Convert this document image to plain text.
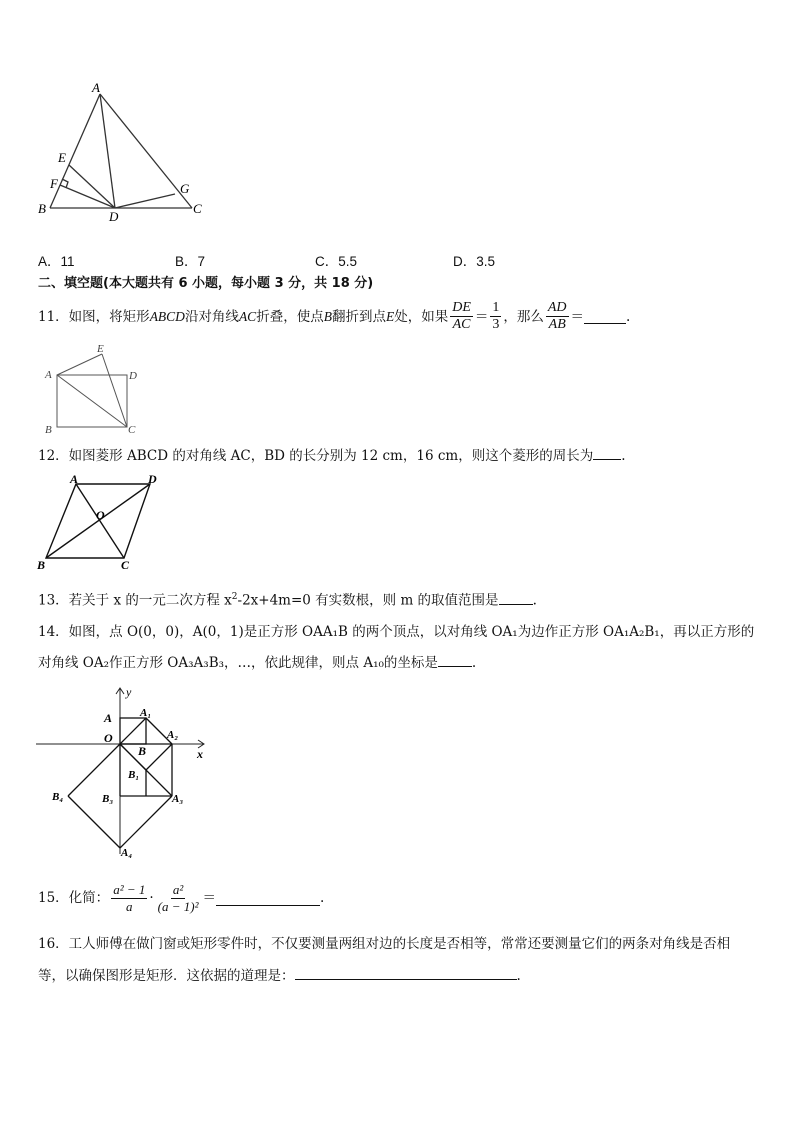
A
E
F
B
D
G
C
A．11	B．7	C．5.5	D．3.5
二、填空题(本大题共有 6 小题，每小题 3 分，共 18 分)
11．如图，将矩形 ABCD 沿对角线 AC 折叠，使点 B 翻折到点 E 处，如果 $\frac{DE}{AC} = \frac{1}{3}$ ，那么 $\frac{AD}{AB}$ ＝	.
E
A	D
B	C
12．如图菱形 ABCD 的对角线 AC，BD 的长分别为 12 cm，16 cm，则这个菱形的周长为 .
A	D
O
B	C
13．若关于 x 的一元二次方程 $x^2-2x+4m=0$ 有实数根，则 m 的取值范围是	.
14．如图，点 O(0，0)，A(0，1)是正方形 OAA₁B 的两个顶点，以对角线 OA₁为边作正方形 OA₁A₂B₁，再以正方形的
对角线 OA₂作正方形 OA₃A₃B₃，…，依此规律，则点 A₁₀的坐标是	.
y
x
A	A₁
O
B
A₂
B₁
B₄	B₃	A₃
A₄
15．化简： $\frac{\text{a² − 1}}{a} \cdot \frac{\text{a²}}{\text{(a − 1)²}}$ ＝	.
16．工人师傅在做门窗或矩形零件时，不仅要测量两组对边的长度是否相等，常常还要测量它们的两条对角线是否相
等，以确保图形是矩形．这依据的道理是：	.
